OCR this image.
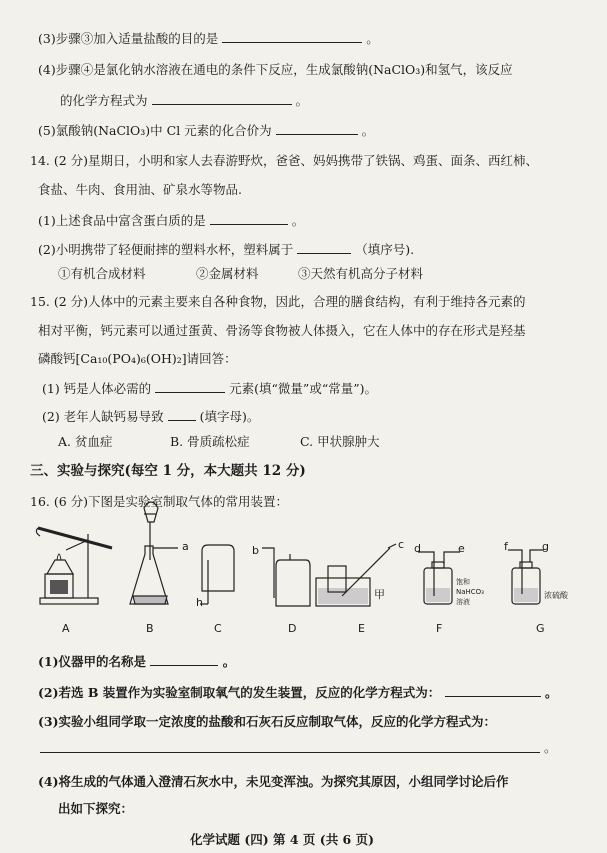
(3)步骤③加入适量盐酸的目的是	。
(4)步骤④是氯化钠水溶液在通电的条件下反应，生成氯酸钠(NaClO₃)和氢气，该反应
的化学方程式为	。
(5)氯酸钠(NaClO₃)中 Cl 元素的化合价为	。
14. (2 分)星期日，小明和家人去春游野炊，爸爸、妈妈携带了铁锅、鸡蛋、面条、西红柿、
食盐、牛肉、食用油、矿泉水等物品.
(1)上述食品中富含蛋白质的是	。
(2)小明携带了轻便耐摔的塑料水杯，塑料属于	（填序号).
①有机合成材料	②金属材料	③天然有机高分子材料
15. (2 分)人体中的元素主要来自各种食物，因此，合理的膳食结构，有利于维持各元素的
相对平衡，钙元素可以通过蛋黄、骨汤等食物被人体摄入，它在人体中的存在形式是羟基
磷酸钙[Ca₁₀(PO₄)₆(OH)₂]请回答：
(1) 钙是人体必需的	元素(填“微量”或“常量”)。
(2) 老年人缺钙易导致	(填字母)。
A. 贫血症	B. 骨质疏松症	C. 甲状腺肿大
三、实验与探究(每空 1 分，本大题共 12 分)
16. (6 分)下图是实验室制取气体的常用装置：
a	b
h
c d	e	f	g
甲
饱和
NaHCO₃
溶液
浓硫酸
A	B	C	D	E	F	G
(1)仪器甲的名称是	。
(2)若选 B 装置作为实验室制取氧气的发生装置，反应的化学方程式为：	。
(3)实验小组同学取一定浓度的盐酸和石灰石反应制取气体，反应的化学方程式为：
。
(4)将生成的气体通入澄清石灰水中，未见变浑浊。为探究其原因，小组同学讨论后作
出如下探究：
化学试题 (四) 第 4 页 (共 6 页)
